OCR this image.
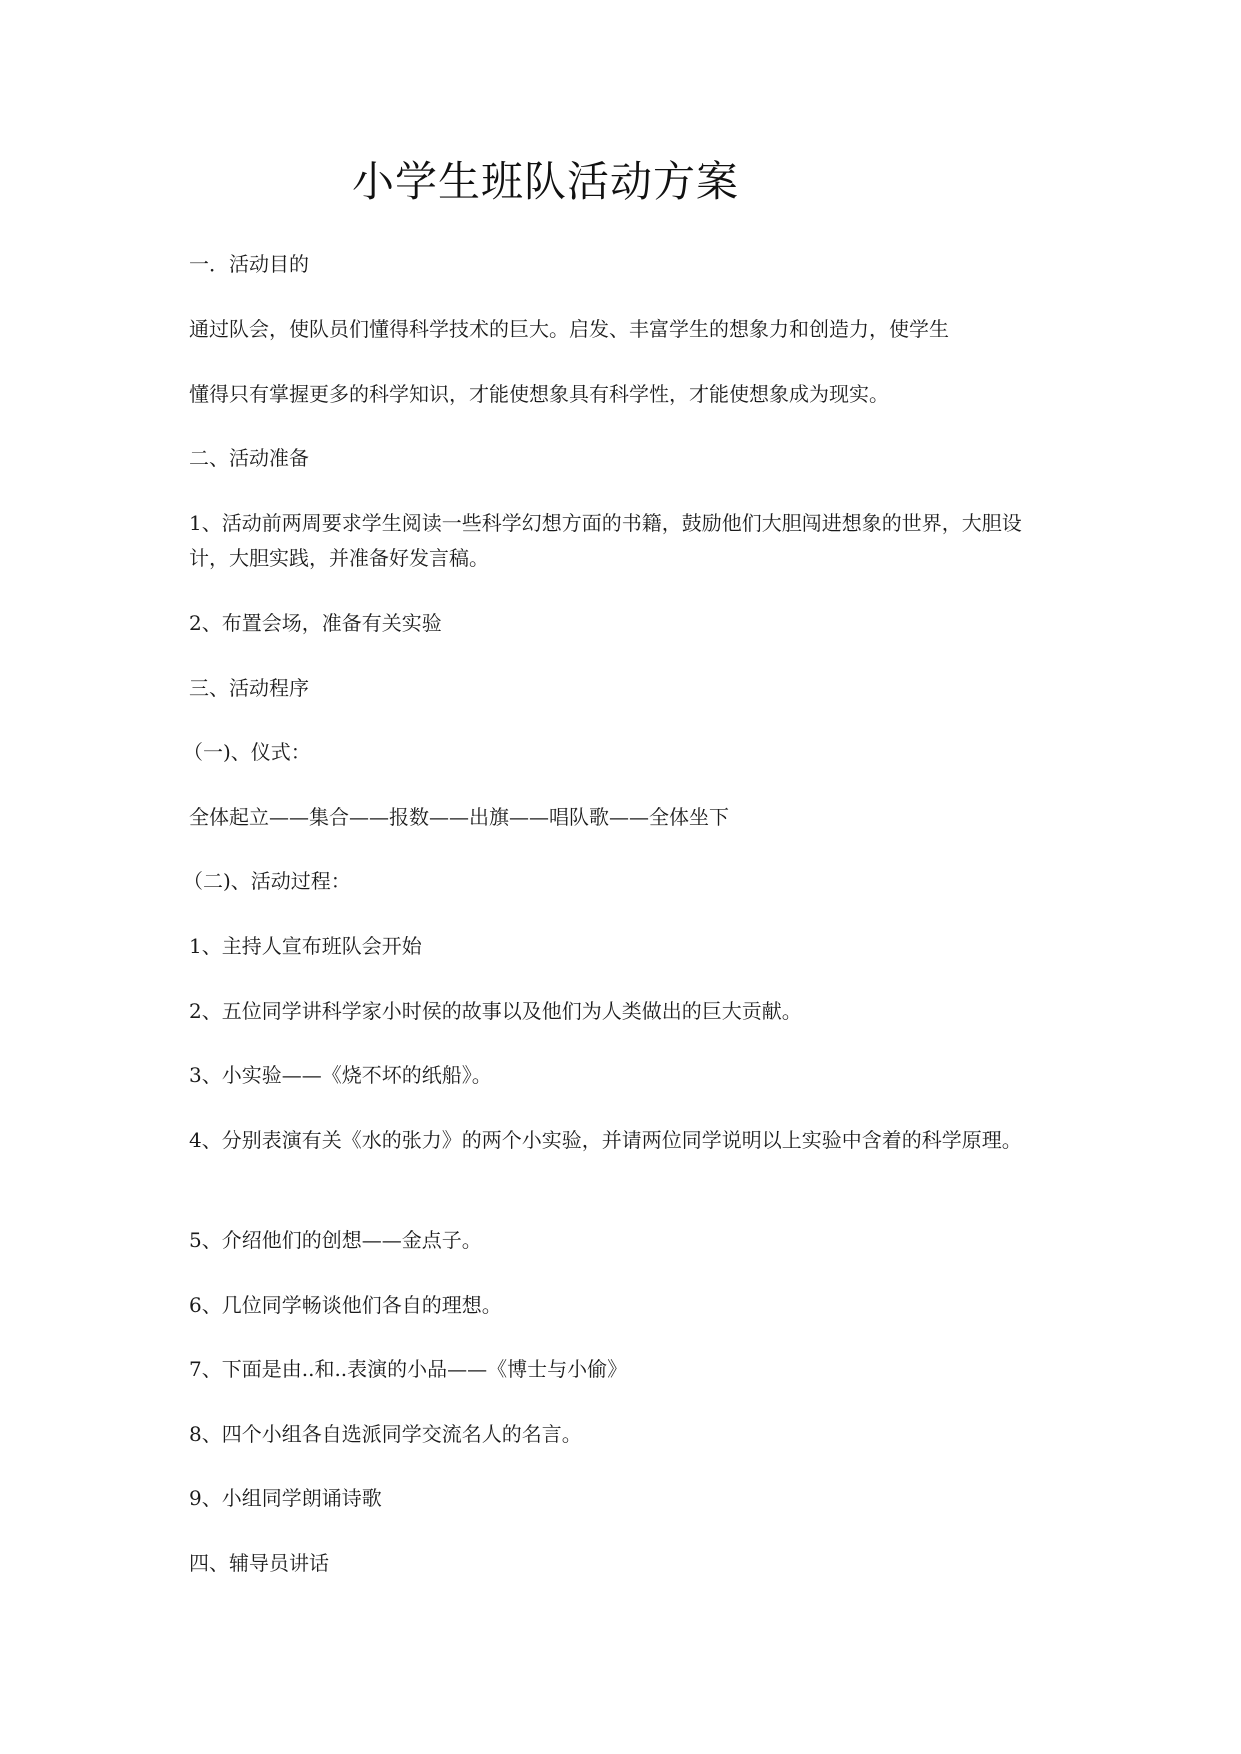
小学生班队活动方案
一．活动目的
通过队会，使队员们懂得科学技术的巨大。启发、丰富学生的想象力和创造力，使学生
懂得只有掌握更多的科学知识，才能使想象具有科学性，才能使想象成为现实。
二、活动准备
1、活动前两周要求学生阅读一些科学幻想方面的书籍，鼓励他们大胆闯进想象的世界，大胆设计，大胆实践，并准备好发言稿。
2、布置会场，准备有关实验
三、活动程序
（一)、仪式：
全体起立——集合——报数——出旗——唱队歌——全体坐下
（二)、活动过程：
1、主持人宣布班队会开始
2、五位同学讲科学家小时侯的故事以及他们为人类做出的巨大贡献。
3、小实验——《烧不坏的纸船》。
4、分别表演有关《水的张力》的两个小实验，并请两位同学说明以上实验中含着的科学原理。
5、介绍他们的创想——金点子。
6、几位同学畅谈他们各自的理想。
7、下面是由..和..表演的小品——《博士与小偷》
8、四个小组各自选派同学交流名人的名言。
9、小组同学朗诵诗歌
四、辅导员讲话
